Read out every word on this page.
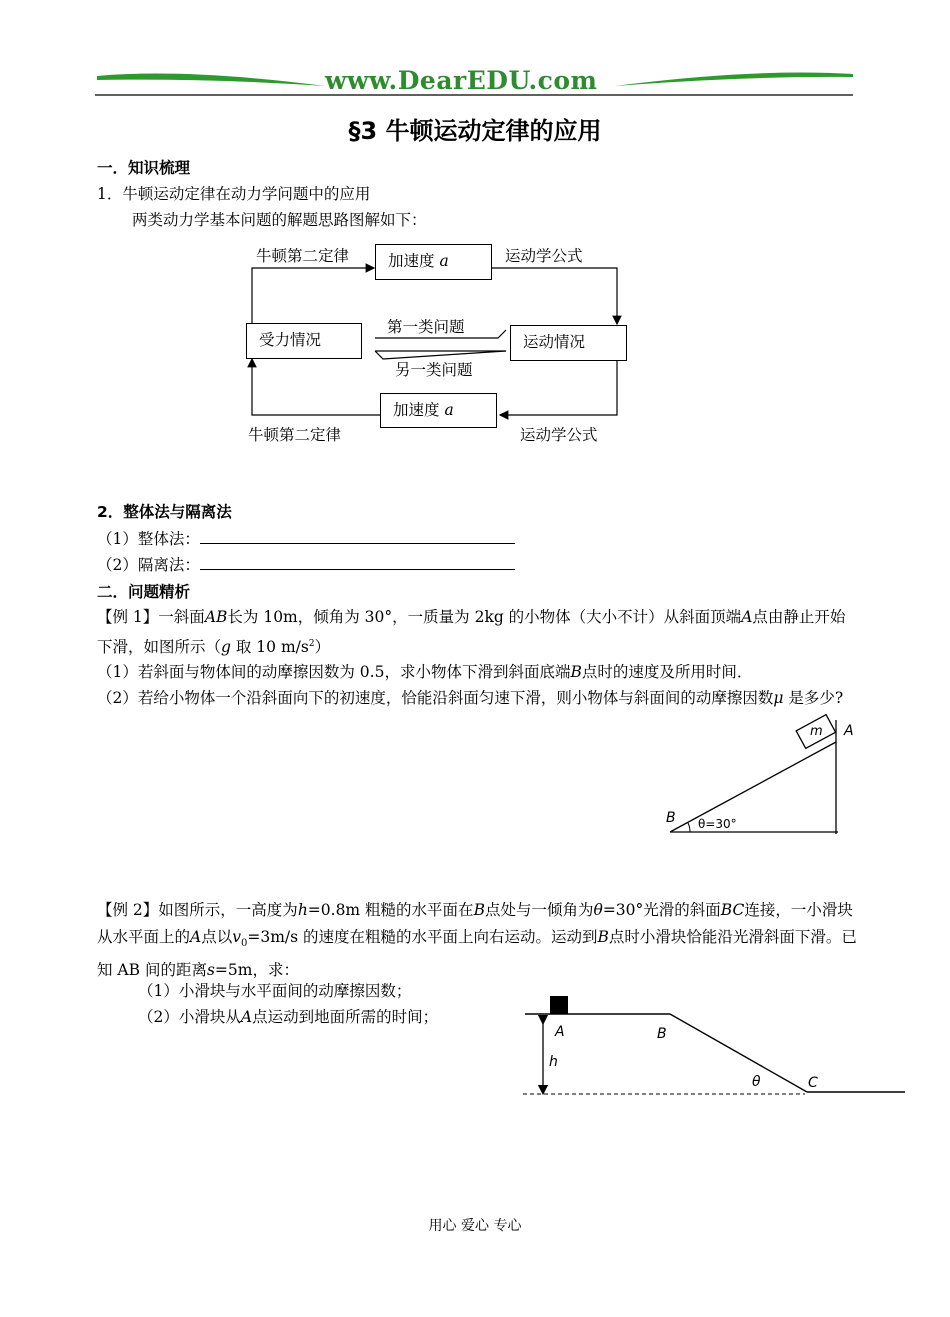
www.DearEDU.com
§3 牛顿运动定律的应用
一．知识梳理
1．牛顿运动定律在动力学问题中的应用
两类动力学基本问题的解题思路图解如下：
加速度 a
受力情况	运动情况
加速度 a
牛顿第二定律	运动学公式
第一类问题
另一类问题
牛顿第二定律	运动学公式
2．整体法与隔离法
（1）整体法：
（2）隔离法：
二．问题精析
【例 1】一斜面AB长为 10m，倾角为 30°，一质量为 2kg 的小物体（大小不计）从斜面顶端A点由静止开始下滑，如图所示（g 取 10 $m/s^2$）
（1）若斜面与物体间的动摩擦因数为 0.5，求小物体下滑到斜面底端B点时的速度及所用时间．
（2）若给小物体一个沿斜面向下的初速度，恰能沿斜面匀速下滑，则小物体与斜面间的动摩擦因数μ 是多少?
m A
B θ=30°
【例 2】如图所示，一高度为h=0.8m 粗糙的水平面在B点处与一倾角为θ=30°光滑的斜面BC连接，一小滑块从水平面上的A点以$v_0=3m/s$ 的速度在粗糙的水平面上向右运动。运动到B点时小滑块恰能沿光滑斜面下滑。已知 AB 间的距离s=5m，求：
（1）小滑块与水平面间的动摩擦因数；
（2）小滑块从A点运动到地面所需的时间；
A	B
h
θ	C
用心 爱心 专心
